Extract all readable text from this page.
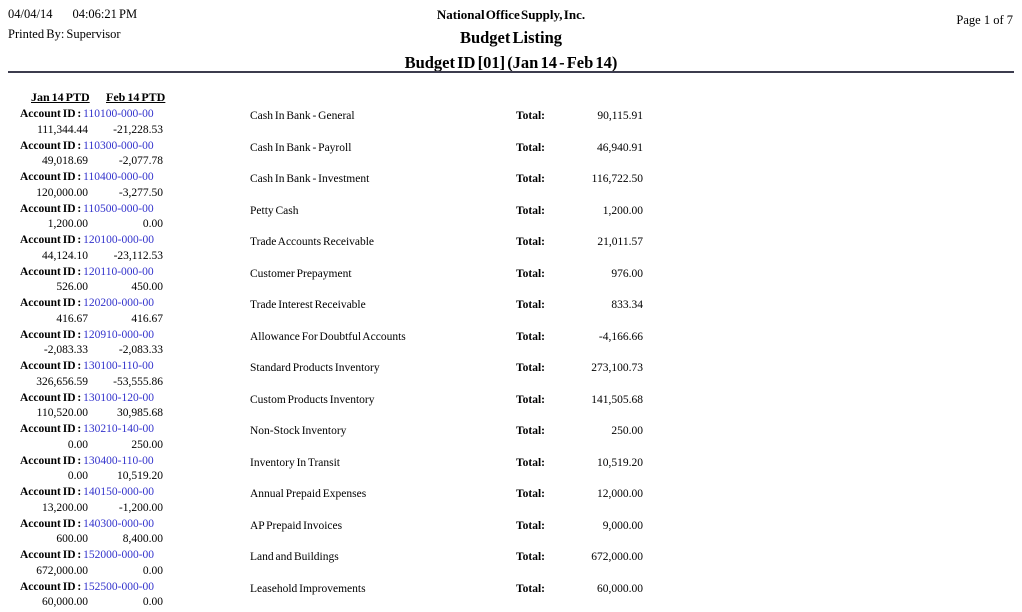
04/04/14 04:06:21 PM
Printed By: Supervisor
National Office Supply, Inc.
Budget Listing
Budget ID [01] (Jan 14 - Feb 14)
Page 1 of 7
Jan 14 PTD Feb 14 PTD
Account ID : 110100-000-00
111,344.44 -21,228.53
Cash In Bank - General	Total:	90,115.91
Account ID : 110300-000-00
49,018.69	-2,077.78
Cash In Bank - Payroll	Total:	46,940.91
Account ID : 110400-000-00
120,000.00	-3,277.50
Cash In Bank - Investment	Total:	116,722.50
Account ID : 110500-000-00
1,200.00	0.00
Petty Cash	Total:	1,200.00
Account ID : 120100-000-00
44,124.10 -23,112.53
Trade Accounts Receivable	Total:	21,011.57
Account ID : 120110-000-00
526.00	450.00
Customer Prepayment	Total:	976.00
Account ID : 120200-000-00
416.67	416.67
Trade Interest Receivable	Total:	833.34
Account ID : 120910-000-00
-2,083.33	-2,083.33
Allowance For Doubtful Accounts	Total:	-4,166.66
Account ID : 130100-110-00
326,656.59 -53,555.86
Standard Products Inventory	Total:	273,100.73
Account ID : 130100-120-00
110,520.00	30,985.68
Custom Products Inventory	Total:	141,505.68
Account ID : 130210-140-00
0.00	250.00
Non-Stock Inventory	Total:	250.00
Account ID : 130400-110-00
0.00	10,519.20
Inventory In Transit	Total:	10,519.20
Account ID : 140150-000-00
13,200.00	-1,200.00
Annual Prepaid Expenses	Total:	12,000.00
Account ID : 140300-000-00
600.00	8,400.00
AP Prepaid Invoices	Total:	9,000.00
Account ID : 152000-000-00
672,000.00	0.00
Land and Buildings	Total:	672,000.00
Account ID : 152500-000-00
60,000.00	0.00
Leasehold Improvements	Total:	60,000.00
